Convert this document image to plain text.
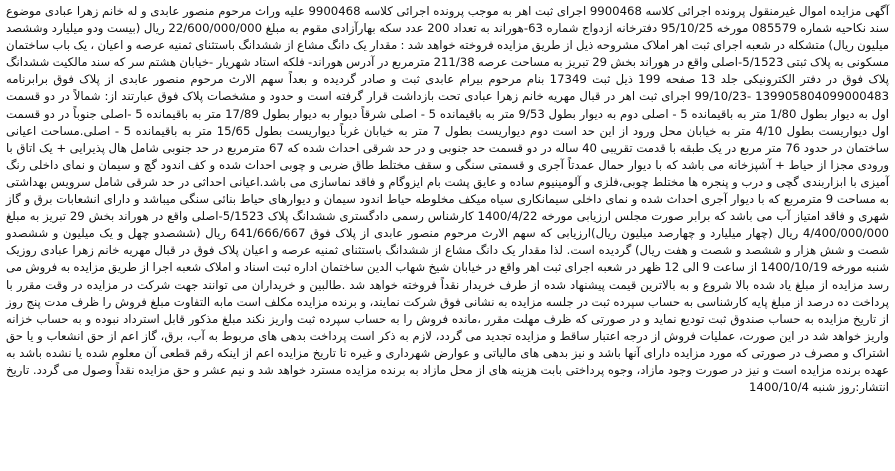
آگهی مزایده اموال غیرمنقول پرونده اجرائی کلاسه 9900468 اجرای ثبت اهر به موجب پرونده اجرائی کلاسه 9900468 علیه وراث مرحوم منصور عابدی و له خانم زهرا عبادی موضوع سند نکاحیه شماره 085579 مورخه 95/10/25 دفترخانه ازدواج شماره 63-هوراند به تعداد 200 عدد سکه بهارآزادی مقوم به مبلغ 22/600/000/000 ریال (بیست ودو میلیارد وششصد میلیون ریال) متشکله در شعبه اجرای ثبت اهر املاک مشروحه ذیل از طریق مزایده فروخته خواهد شد : مقدار یک دانگ مشاع از ششدانگ باستثنای ثمنیه عرصه و اعیان ، یک باب ساختمان مسکونی به پلاک ثبتی 5/1523-اصلی واقع در هوراند بخش 29 تبریز به مساحت عرصه 211/38 مترمربع در آدرس هوراند- فلکه استاد شهریار -خیابان هشتم سر که سند مالکیت ششدانگ پلاک فوق در دفتر الکترونیکی جلد 13 صفحه 199 ذیل ثبت 17349 بنام مرحوم بیرام عابدی ثبت و صادر گردیده و بعداً سهم الارث مرحوم منصور عابدی از پلاک فوق برابرنامه 139905804099000483 -99/10/23 اجرای ثبت اهر در قبال مهریه خانم زهرا عبادی تحت بازداشت قرار گرفته است و حدود و مشخصات پلاک فوق عبارتند از: شمالاً در دو قسمت اول به دیوار بطول 1/80 متر به باقیمانده 5 - اصلی دوم به دیوار بطول 9/53 متر به باقیمانده 5 - اصلی شرقاً دیوار به دیوار بطول 17/89 متر به باقیمانده 5 -اصلی جنوباً در دو قسمت اول دیواریست بطول 4/10 متر به خیابان محل ورود از این حد است دوم دیواریست بطول 7 متر به خیابان غرباً دیواریست بطول 15/65 متر به باقیمانده 5 - اصلی.مساحت اعیانی ساختمان در حدود 76 متر مربع در یک طبقه با قدمت تقریبی 40 ساله در دو قسمت حد جنوبی و در حد شرقی احداث شده که 67 مترمربع در حد جنوبی شامل هال پذیرایی + یک اتاق با ورودی مجزا از حیاط + آشپزخانه می باشد که با دیوار حمال عمدتاً آجری و قسمتی سنگی و سقف مختلط طاق ضربی و چوبی احداث شده و کف اندود گچ و سیمان و نمای داخلی رنگ آمیزی با ابزاربندی گچی و درب و پنجره ها مختلط چوبی،فلزی و آلومینیوم ساده و عایق پشت بام ایزوگام و فاقد نماسازی می باشد.اعیانی احداثی در حد شرقی شامل سرویس بهداشتی به مساحت 9 مترمربع که با دیوار آجری احداث شده و نمای داخلی سیمانکاری سیاه میکف مخلوطه حیاط اندود سیمان و دیوارهای حیاط بنائی سنگی میباشد و دارای انشعابات برق و گاز شهری و فاقد امتیاز آب می باشد که برابر صورت مجلس ارزیابی مورخه 1400/4/22 کارشناس رسمی دادگستری ششدانگ پلاک 5/1523-اصلی واقع در هوراند بخش 29 تبریز به مبلغ 4/400/000/000 ریال (چهار میلیارد و چهارصد میلیون ریال)ارزیابی که سهم الارث مرحوم منصور عابدی از پلاک فوق 641/666/667 ریال (ششصدو چهل و یک میلیون و ششصدو شصت و شش هزار و ششصد و شصت و هفت ریال) گردیده است. لذا مقدار یک دانگ مشاع از ششدانگ باستثنای ثمنیه عرصه و اعیان پلاک فوق در قبال مهریه خانم زهرا عبادی روزیک شنبه مورخه 1400/10/19 از ساعت 9 الی 12 ظهر در شعبه اجرای ثبت اهر واقع در خیابان شیخ شهاب الدین ساختمان اداره ثبت اسناد و املاک شعبه اجرا از طریق مزایده به فروش می رسد مزایده از مبلغ یاد شده بالا شروع و به بالاترین قیمت پیشنهاد شده از طرف خریدار نقداً فروخته خواهد شد .طالبین و خریداران می توانند جهت شرکت در مزایده در وقت مقرر با پرداخت ده درصد از مبلغ پایه کارشناسی به حساب سپرده ثبت در جلسه مزایده به نشانی فوق شرکت نمایند، و برنده مزایده مکلف است مابه التفاوت مبلغ فروش را ظرف مدت پنج روز از تاریخ مزایده به حساب صندوق ثبت تودیع نماید و در صورتی که ظرف مهلت مقرر ،مانده فروش را به حساب سپرده ثبت واریز نکند مبلغ مذکور قابل استرداد نبوده و به حساب خزانه واریز خواهد شد در این صورت، عملیات فروش از درجه اعتبار ساقط و مزایده تجدید می گردد، لازم به ذکر است پرداخت بدهی های مربوط به آب، برق، گاز اعم از حق انشعاب و یا حق اشتراک و مصرف در صورتی که مورد مزایده دارای آنها باشد و نیز بدهی های مالیاتی و عوارض شهرداری و غیره تا تاریخ مزایده اعم از اینکه رقم قطعی آن معلوم شده یا نشده باشد به عهده برنده مزایده است و نیز در صورت وجود مازاد، وجوه پرداختی بابت هزینه های از محل مازاد به برنده مزایده مسترد خواهد شد و نیم عشر و حق مزایده نقداً وصول می گردد. تاریخ انتشار:روز شنبه 1400/10/4
